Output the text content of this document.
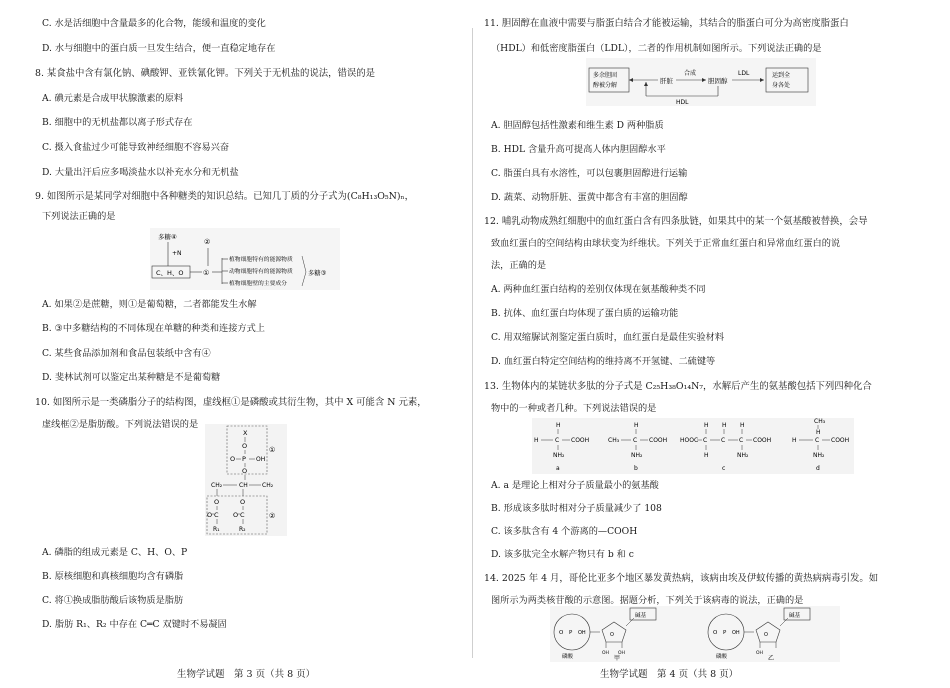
C. 水是活细胞中含量最多的化合物，能缓和温度的变化
D. 水与细胞中的蛋白质一旦发生结合，便一直稳定地存在
8. 某食盐中含有氯化钠、碘酸钾、亚铁氰化钾。下列关于无机盐的说法，错误的是
A. 碘元素是合成甲状腺激素的原料
B. 细胞中的无机盐都以离子形式存在
C. 摄入食盐过少可能导致神经细胞不容易兴奋
D. 大量出汗后应多喝淡盐水以补充水分和无机盐
9. 如图所示是某同学对细胞中各种糖类的知识总结。已知几丁质的分子式为(C₈H₁₃O₅N)ₙ，
下列说法正确的是
多糖④
+N
C、H、O	①
②
植物细胞特有的能源物质
动物细胞特有的能源物质
植物细胞壁的主要成分
多糖③
A. 如果②是蔗糖，则①是葡萄糖，二者都能发生水解
B. ③中多糖结构的不同体现在单糖的种类和连接方式上
C. 某些食品添加剂和食品包装纸中含有④
D. 斐林试剂可以鉴定出某种糖是不是葡萄糖
10. 如图所示是一类磷脂分子的结构图，虚线框①是磷酸或其衍生物，其中 X 可能含 N 元素，
虚线框②是脂肪酸。下列说法错误的是
①
X
O
O P OH
O
CH₂	CH CH₂
②
O	O
O C O C
R₁	R₂
A. 磷脂的组成元素是 C、H、O、P
B. 原核细胞和真核细胞均含有磷脂
C. 将①换成脂肪酸后该物质是脂肪
D. 脂肪 R₁、R₂ 中存在 C═C 双键时不易凝固
生物学试题　第 3 页（共 8 页）
11. 胆固醇在血液中需要与脂蛋白结合才能被运输，其结合的脂蛋白可分为高密度脂蛋白
（HDL）和低密度脂蛋白（LDL），二者的作用机制如图所示。下列说法正确的是
多余胆固
醇被分解
肝脏
合成
胆固醇
LDL
HDL
运到全
身各处
A. 胆固醇包括性激素和维生素 D 两种脂质
B. HDL 含量升高可提高人体内胆固醇水平
C. 脂蛋白具有水溶性，可以包裹胆固醇进行运输
D. 蔬菜、动物肝脏、蛋黄中都含有丰富的胆固醇
12. 哺乳动物成熟红细胞中的血红蛋白含有四条肽链，如果其中的某一个氨基酸被替换，会导
致血红蛋白的空间结构由球状变为纤维状。下列关于正常血红蛋白和异常血红蛋白的说
法，正确的是
A. 两种血红蛋白结构的差别仅体现在氨基酸种类不同
B. 抗体、血红蛋白均体现了蛋白质的运输功能
C. 用双缩脲试剂鉴定蛋白质时，血红蛋白是最佳实验材料
D. 血红蛋白特定空间结构的维持离不开氢键、二硫键等
13. 生物体内的某链状多肽的分子式是 C₂₅H₃₈O₁₄N₇，水解后产生的氨基酸包括下列四种化合
物中的一种或者几种。下列说法错误的是
H
H	C COOH
NH₂
a
H
CH₃ C COOH
NH₂
b
H H H
HOOC C C C COOH
H	NH₂
c
CH₃
H
H	C COOH
NH₂
d
A. a 是理论上相对分子质量最小的氨基酸
B. 形成该多肽时相对分子质量减少了 108
C. 该多肽含有 4 个游离的—COOH
D. 该多肽完全水解产物只有 b 和 c
14. 2025 年 4 月，哥伦比亚多个地区暴发黄热病，该病由埃及伊蚊传播的黄热病病毒引发。如
图所示为两类核苷酸的示意图。据题分析，下列关于该病毒的说法，正确的是
O P OH
磷酸
O
碱基
OH OH
甲
O P OH
磷酸
O
碱基
OH
乙
生物学试题　第 4 页（共 8 页）
